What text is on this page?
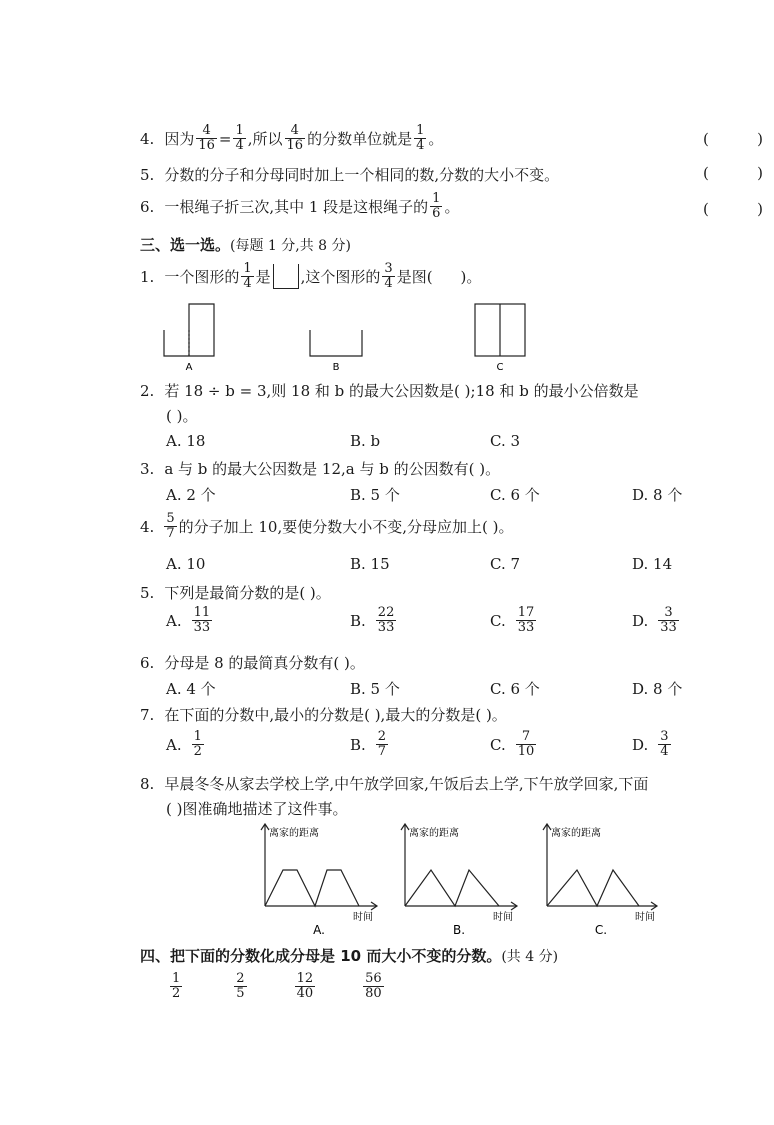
4. 因为 $\frac{4}{16} = \frac{1}{4}$ ,所以 $\frac{4}{16}$ 的分数单位就是 $\frac{1}{4}$ 。	(	)
5. 分数的分子和分母同时加上一个相同的数,分数的大小不变。	(	)
6. 一根绳子折三次,其中 1 段是这根绳子的 $\frac{1}{6}$ 。	(	)
三、选一选。(每题 1 分,共 8 分)
1. 一个图形的 $\frac{1}{4}$ 是 ,这个图形的 $\frac{3}{4}$ 是图( )。
A	B	C
2. 若 18 ÷ b = 3,则 18 和 b 的最大公因数是( );18 和 b 的最小公倍数是
( )。
A. 18	B. b	C. 3
3. a 与 b 的最大公因数是 12,a 与 b 的公因数有( )。
A. 2 个	B. 5 个	C. 6 个	D. 8 个
4. $\frac{5}{7}$ 的分子加上 10,要使分数大小不变,分母应加上( )。
A. 10	B. 15	C. 7	D. 14
5. 下列是最简分数的是( )。
A. $\frac{11}{33}$	B. $\frac{22}{33}$	C. $\frac{17}{33}$	D. $\frac{3}{33}$
6. 分母是 8 的最简真分数有( )。
A. 4 个	B. 5 个	C. 6 个	D. 8 个
7. 在下面的分数中,最小的分数是( ),最大的分数是( )。
A. $\frac{1}{2}$	B. $\frac{2}{7}$	C. $\frac{7}{10}$	D. $\frac{3}{4}$
8. 早晨冬冬从家去学校上学,中午放学回家,午饭后去上学,下午放学回家,下面
( )图准确地描述了这件事。
离家的距离	离家的距离	离家的距离
时间	时间	时间
A.	B.	C.
四、把下面的分数化成分母是 10 而大小不变的分数。(共 4 分)
$\frac{1}{2}$	$\frac{2}{5}$	$\frac{12}{40}$	$\frac{56}{80}$
